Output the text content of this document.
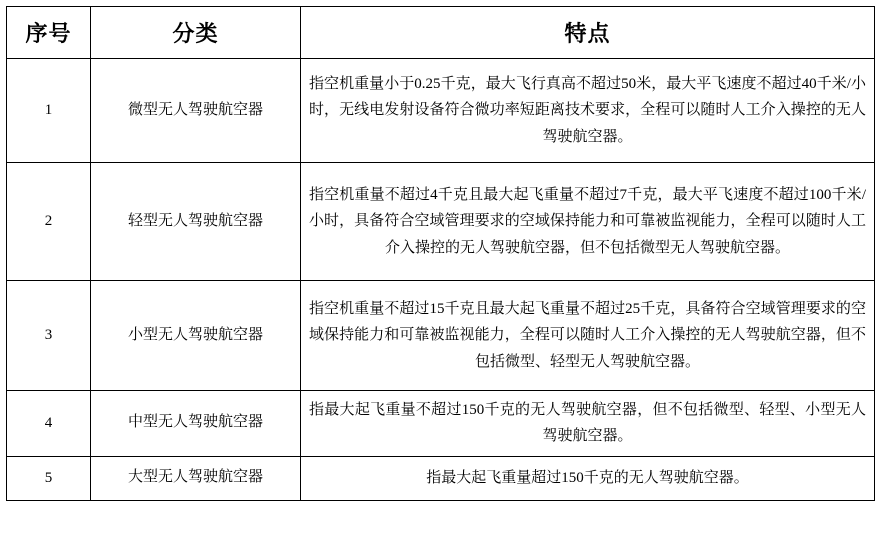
序号	分类	特点
1	微型无人驾驶航空器	指空机重量小于0.25千克，最大飞行真高不超过50米，最大平飞速度不超过40千米/小时，无线电发射设备符合微功率短距离技术要求，全程可以随时人工介入操控的无人驾驶航空器。
2	轻型无人驾驶航空器	指空机重量不超过4千克且最大起飞重量不超过7千克，最大平飞速度不超过100千米/小时，具备符合空域管理要求的空域保持能力和可靠被监视能力，全程可以随时人工介入操控的无人驾驶航空器，但不包括微型无人驾驶航空器。
3	小型无人驾驶航空器	指空机重量不超过15千克且最大起飞重量不超过25千克，具备符合空域管理要求的空域保持能力和可靠被监视能力，全程可以随时人工介入操控的无人驾驶航空器，但不包括微型、轻型无人驾驶航空器。
4	中型无人驾驶航空器	指最大起飞重量不超过150千克的无人驾驶航空器，但不包括微型、轻型、小型无人驾驶航空器。
5	大型无人驾驶航空器	指最大起飞重量超过150千克的无人驾驶航空器。
